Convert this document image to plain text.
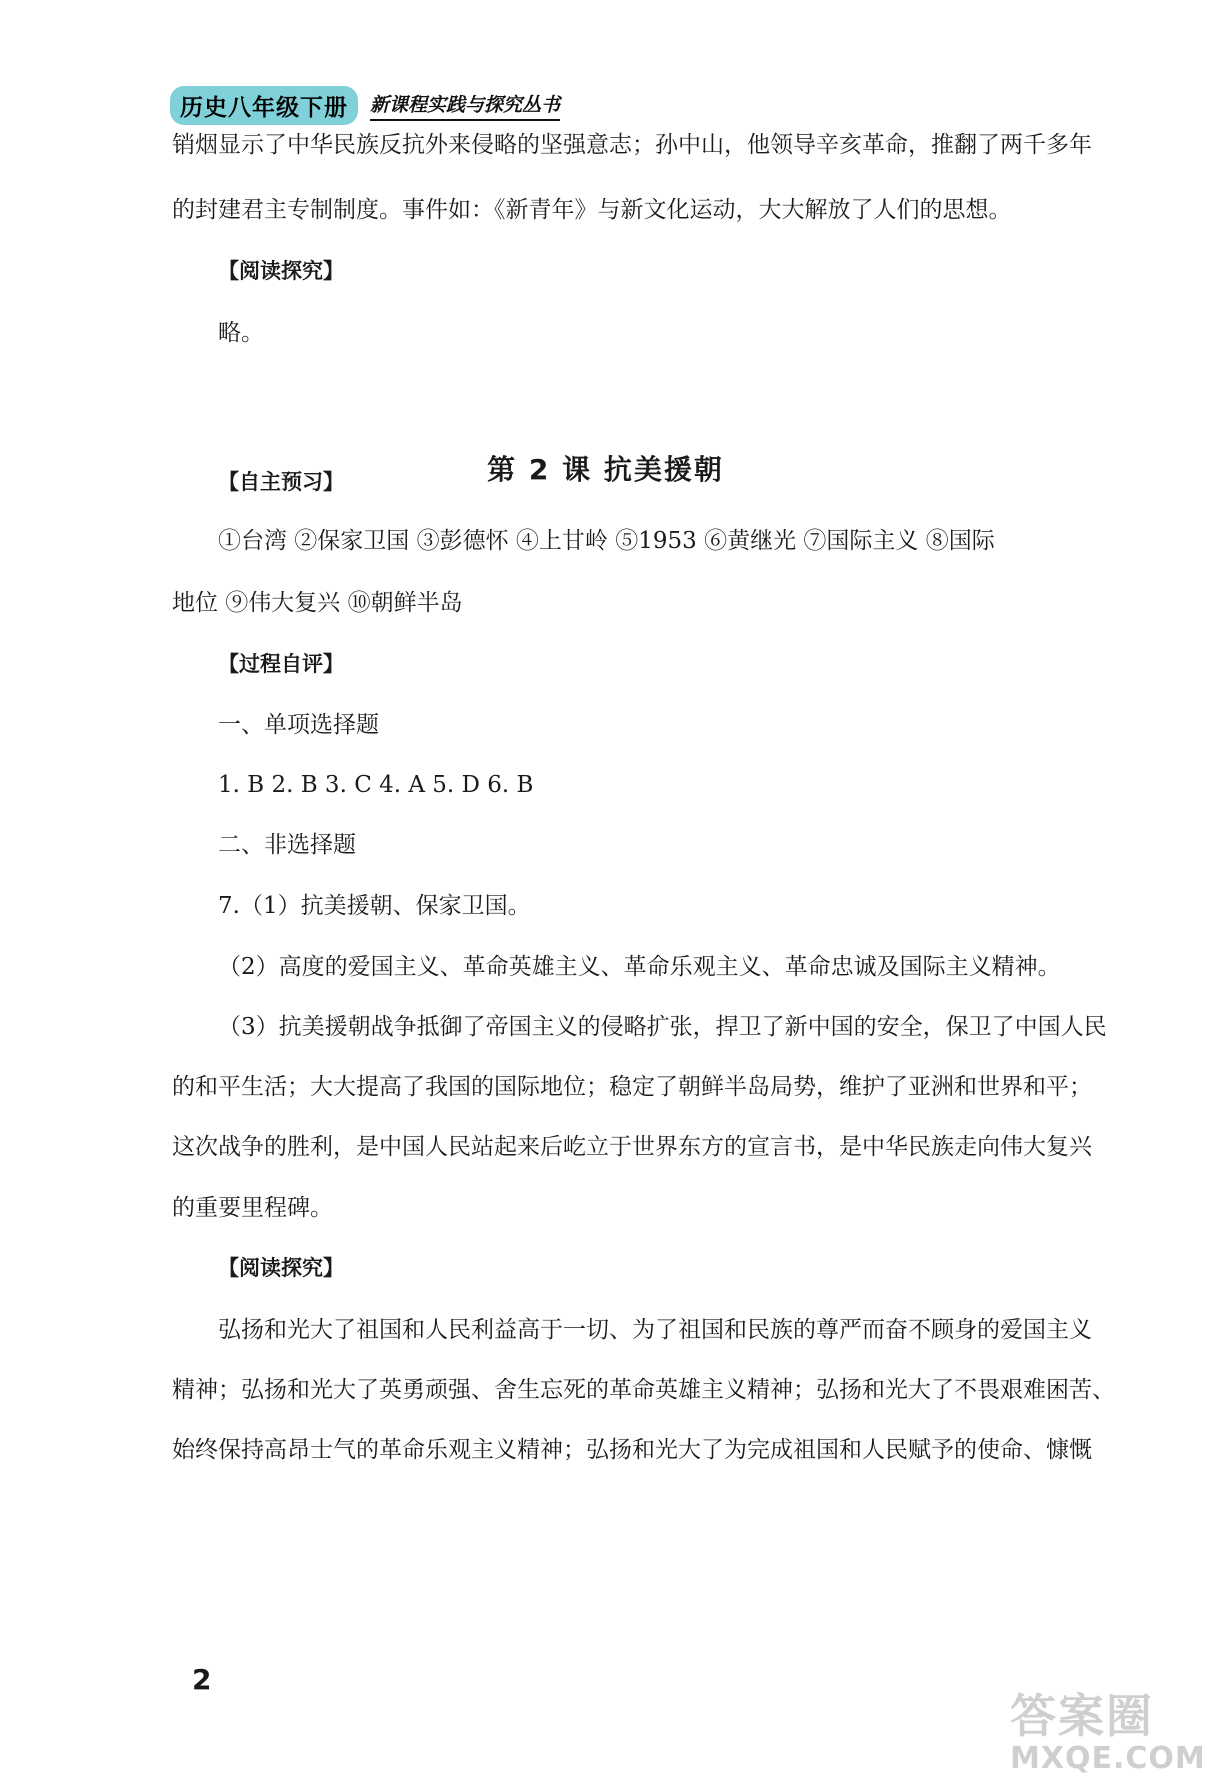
历史八年级下册	新课程实践与探究丛书
销烟显示了中华民族反抗外来侵略的坚强意志；孙中山，他领导辛亥革命，推翻了两千多年
的封建君主专制制度。事件如：《新青年》与新文化运动，大大解放了人们的思想。
【阅读探究】
略。
第 2 课 抗美援朝
【自主预习】
①台湾 ②保家卫国 ③彭德怀 ④上甘岭 ⑤1953 ⑥黄继光 ⑦国际主义 ⑧国际
地位 ⑨伟大复兴 ⑩朝鲜半岛
【过程自评】
一、单项选择题
1. B 2. B 3. C 4. A 5. D 6. B
二、非选择题
7.（1）抗美援朝、保家卫国。
（2）高度的爱国主义、革命英雄主义、革命乐观主义、革命忠诚及国际主义精神。
（3）抗美援朝战争抵御了帝国主义的侵略扩张，捍卫了新中国的安全，保卫了中国人民
的和平生活；大大提高了我国的国际地位；稳定了朝鲜半岛局势，维护了亚洲和世界和平；
这次战争的胜利，是中国人民站起来后屹立于世界东方的宣言书，是中华民族走向伟大复兴
的重要里程碑。
【阅读探究】
弘扬和光大了祖国和人民利益高于一切、为了祖国和民族的尊严而奋不顾身的爱国主义
精神；弘扬和光大了英勇顽强、舍生忘死的革命英雄主义精神；弘扬和光大了不畏艰难困苦、
始终保持高昂士气的革命乐观主义精神；弘扬和光大了为完成祖国和人民赋予的使命、慷慨
2
答案圈
MXQE.COM
